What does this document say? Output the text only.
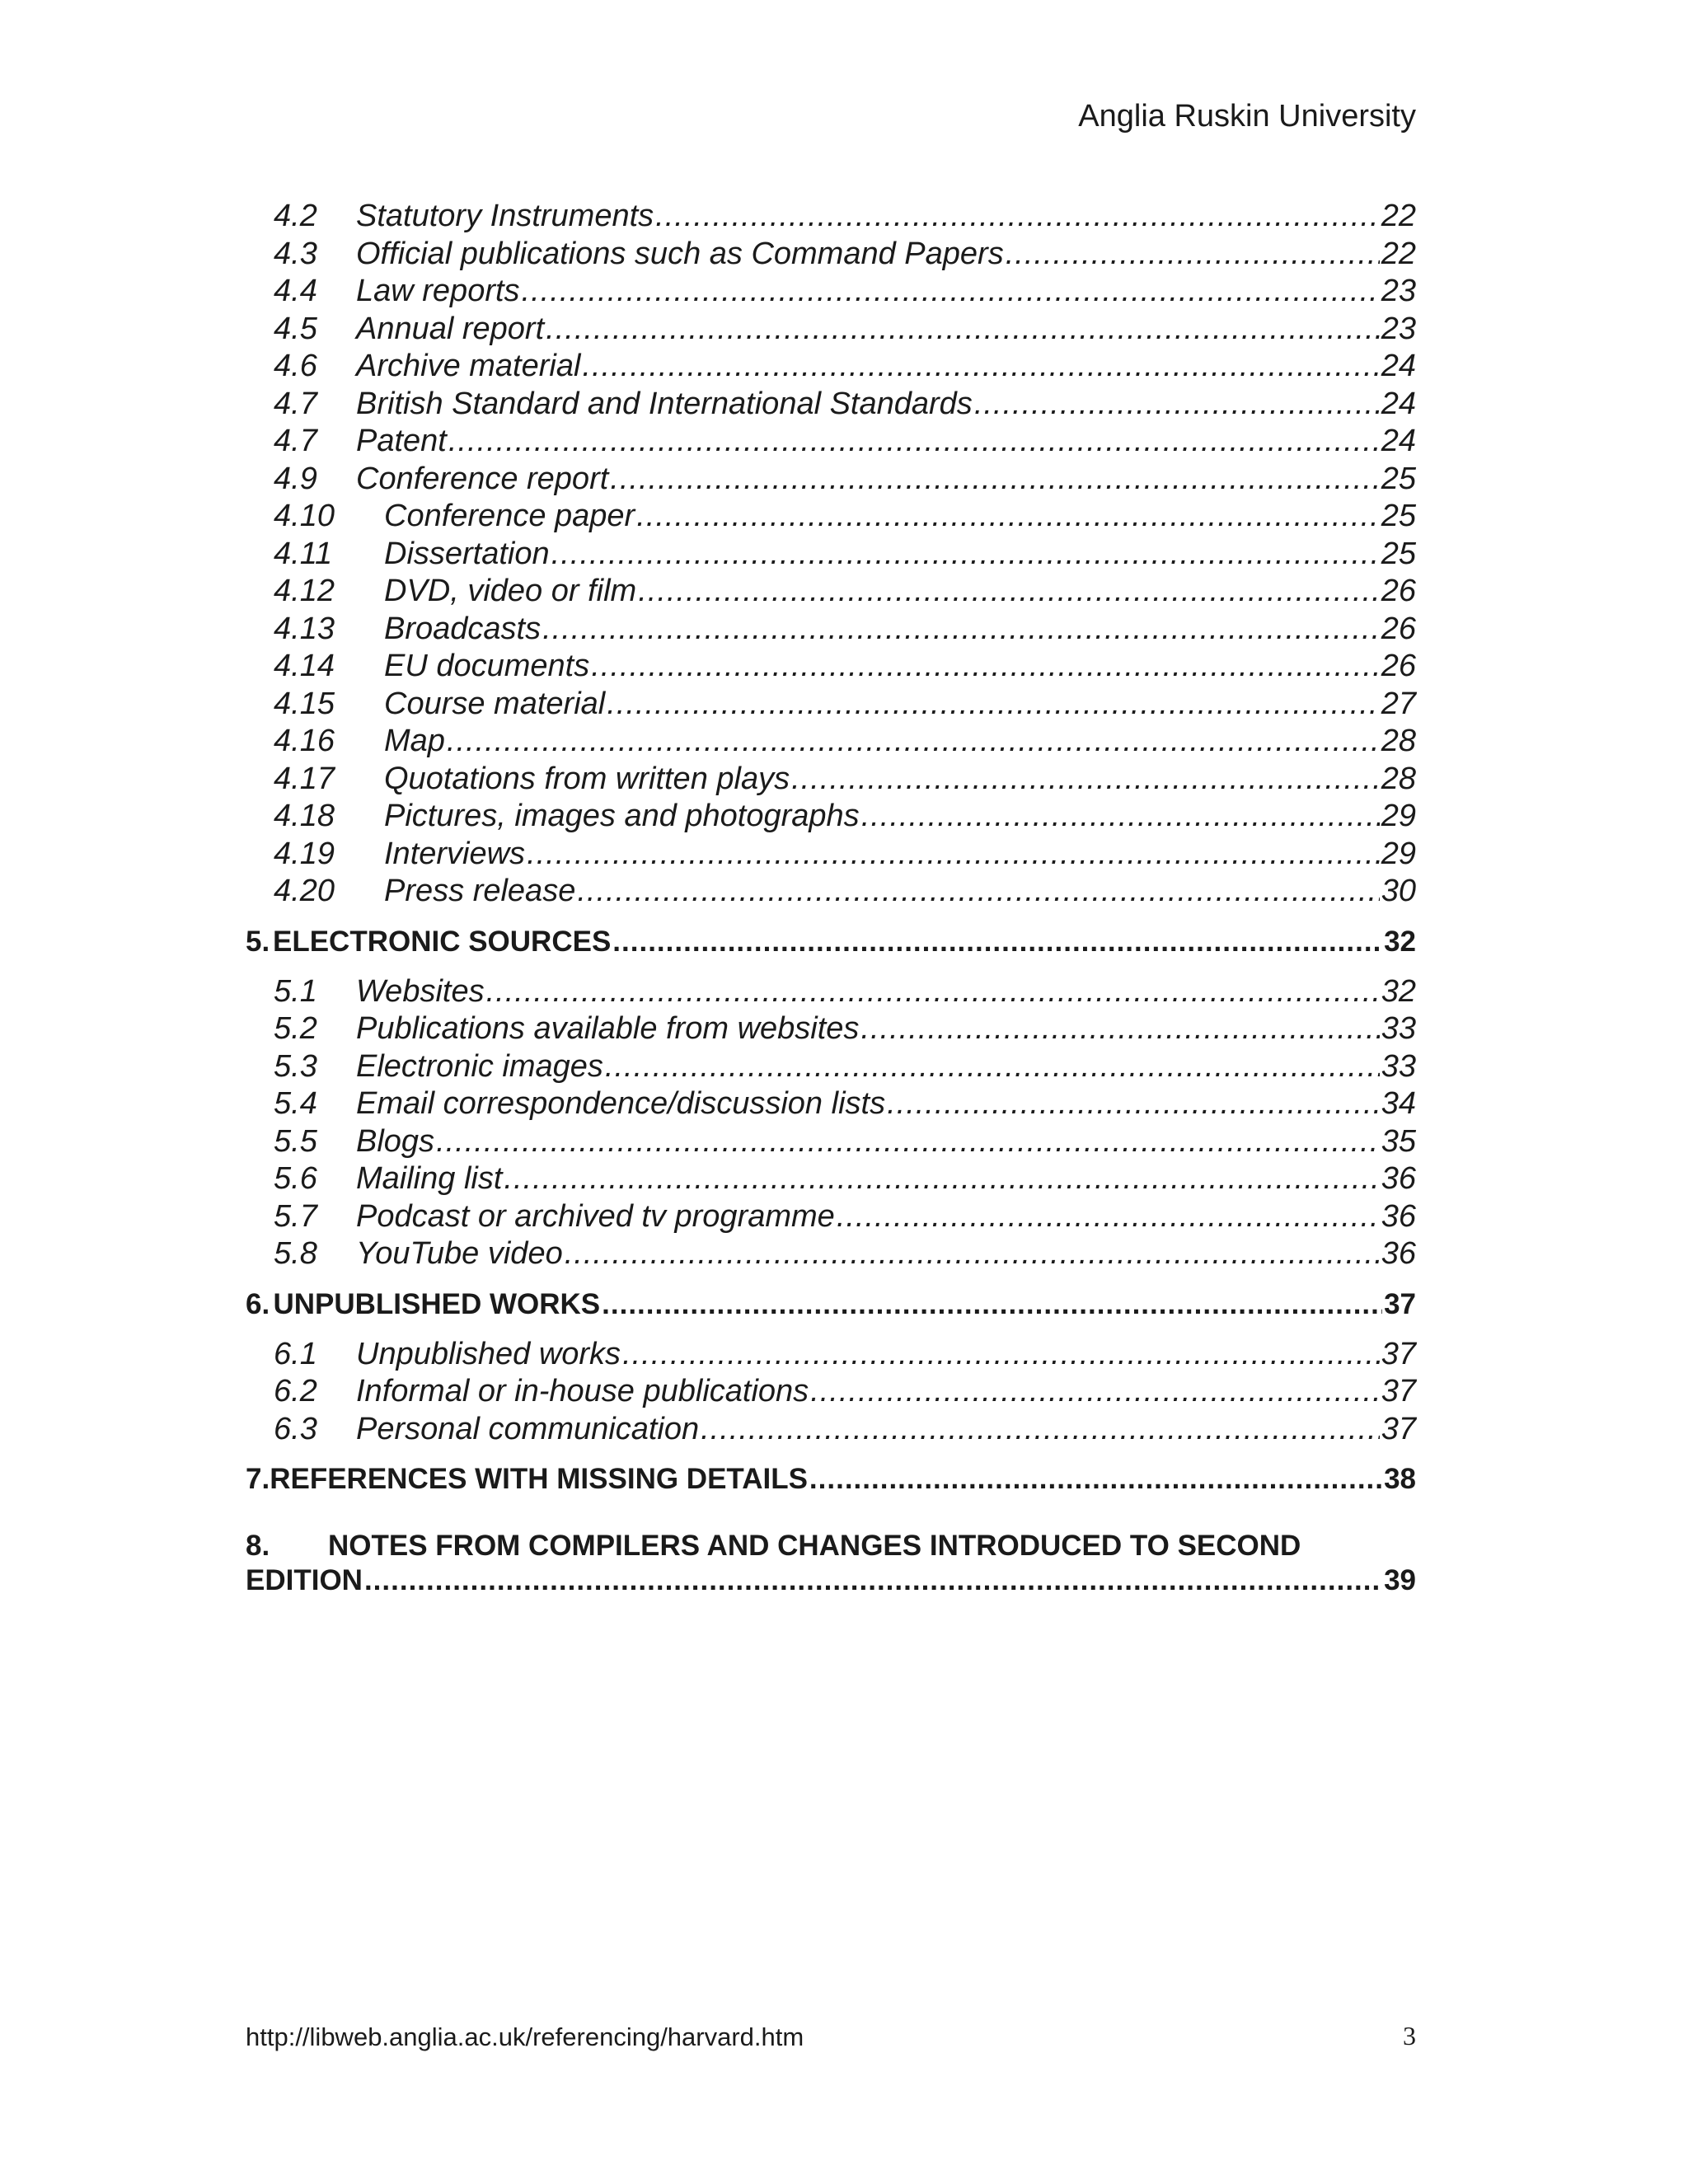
Anglia Ruskin University
4.2	Statutory Instruments .....	22
4.3	Official publications such as Command Papers .....	22
4.4	Law reports .....	23
4.5	Annual report .....	23
4.6	Archive material .....	24
4.7	British Standard and International Standards .....	24
4.7	Patent .....	24
4.9	Conference report .....	25
4.10	Conference paper .....	25
4.11	Dissertation .....	25
4.12	DVD, video or film .....	26
4.13	Broadcasts .....	26
4.14	EU documents .....	26
4.15	Course material .....	27
4.16	Map .....	28
4.17	Quotations from written plays .....	28
4.18	Pictures, images and photographs .....	29
4.19	Interviews .....	29
4.20	Press release .....	30
5. ELECTRONIC SOURCES .....	32
5.1	Websites .....	32
5.2	Publications available from websites .....	33
5.3	Electronic images .....	33
5.4	Email correspondence/discussion lists .....	34
5.5	Blogs .....	35
5.6	Mailing list .....	36
5.7	Podcast or archived tv programme .....	36
5.8	YouTube video .....	36
6. UNPUBLISHED WORKS .....	37
6.1	Unpublished works .....	37
6.2	Informal or in-house publications .....	37
6.3	Personal communication .....	37
7. REFERENCES WITH MISSING DETAILS .....	38
8. NOTES FROM COMPILERS AND CHANGES INTRODUCED TO SECOND
EDITION .....	39
http://libweb.anglia.ac.uk/referencing/harvard.htm	3
